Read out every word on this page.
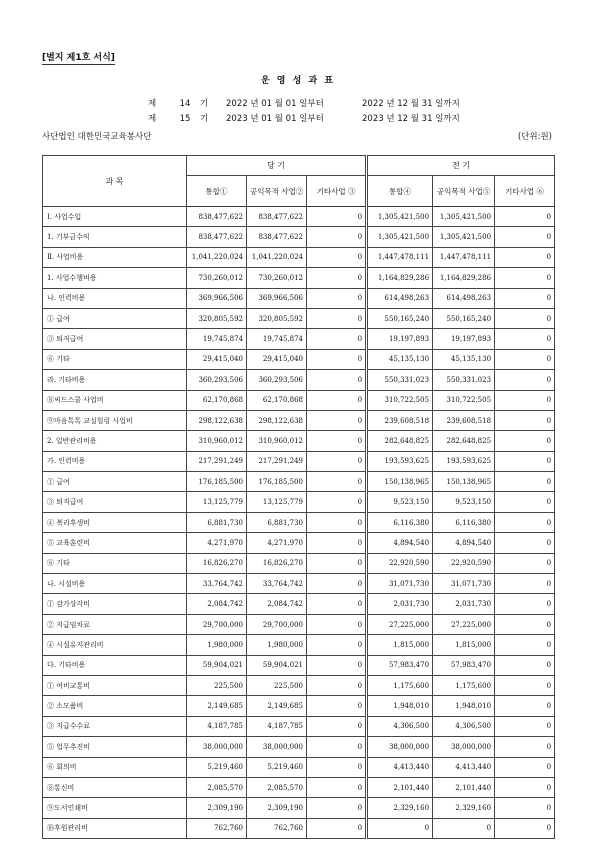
[별지 제1호 서식]
운 영 성 과 표
제	14 기 2022 년 01 월 01 일부터	2022 년 12 월 31 일까지
제	15 기 2023 년 01 월 01 일부터	2023 년 12 월 31 일까지
사단법인 대한민국교육봉사단	(단위:원)
과 목	당 기			전 기		
	통합①	공익목적 사업②	기타사업 ③	통합④	공익목적 사업⑤	기타사업 ⑥
Ⅰ. 사업수입	838,477,622	838,477,622	0	1,305,421,500	1,305,421,500	0
1. 기부금수익	838,477,622	838,477,622	0	1,305,421,500	1,305,421,500	0
Ⅱ. 사업비용	1,041,220,024	1,041,220,024	0	1,447,478,111	1,447,478,111	0
1. 사업수행비용	730,260,012	730,260,012	0	1,164,829,286	1,164,829,286	0
나. 인력비용	369,966,506	369,966,506	0	614,498,263	614,498,263	0
① 급여	320,805,592	320,805,592	0	550,165,240	550,165,240	0
③ 퇴직급여	19,745,874	19,745,874	0	19,197,893	19,197,893	0
⑥ 기타	29,415,040	29,415,040	0	45,135,130	45,135,130	0
라. 기타비용	360,293,506	360,293,506	0	550,331,023	550,331,023	0
⑧씨드스쿨 사업비	62,170,868	62,170,868	0	310,722,505	310,722,505	0
⑨마음톡톡 교실힐링 사업비	298,122,638	298,122,638	0	239,608,518	239,608,518	0
2. 일반관리비용	310,960,012	310,960,012	0	282,648,825	282,648,825	0
가. 인력비용	217,291,249	217,291,249	0	193,593,625	193,593,625	0
① 급여	176,185,500	176,185,500	0	150,138,965	150,138,965	0
③ 퇴직급여	13,125,779	13,125,779	0	9,523,150	9,523,150	0
④ 복리후생비	6,881,730	6,881,730	0	6,116,380	6,116,380	0
⑤ 교육훈련비	4,271,970	4,271,970	0	4,894,540	4,894,540	0
⑥ 기타	16,826,270	16,826,270	0	22,920,590	22,920,590	0
나. 시설비용	33,764,742	33,764,742	0	31,071,730	31,071,730	0
① 감가상각비	2,084,742	2,084,742	0	2,031,730	2,031,730	0
② 지급임차료	29,700,000	29,700,000	0	27,225,000	27,225,000	0
④ 시설유지관리비	1,980,000	1,980,000	0	1,815,000	1,815,000	0
다. 기타비용	59,904,021	59,904,021	0	57,983,470	57,983,470	0
① 여비교통비	225,500	225,500	0	1,175,600	1,175,600	0
② 소모품비	2,149,685	2,149,685	0	1,948,010	1,948,010	0
③ 지급수수료	4,187,785	4,187,785	0	4,306,500	4,306,500	0
⑤ 업무추진비	38,000,000	38,000,000	0	38,000,000	38,000,000	0
⑥ 회의비	5,219,460	5,219,460	0	4,413,440	4,413,440	0
⑧통신비	2,085,570	2,085,570	0	2,101,440	2,101,440	0
⑨도서인쇄비	2,309,190	2,309,190	0	2,329,160	2,329,160	0
⑩후원관리비	762,760	762,760	0	0	0	0
